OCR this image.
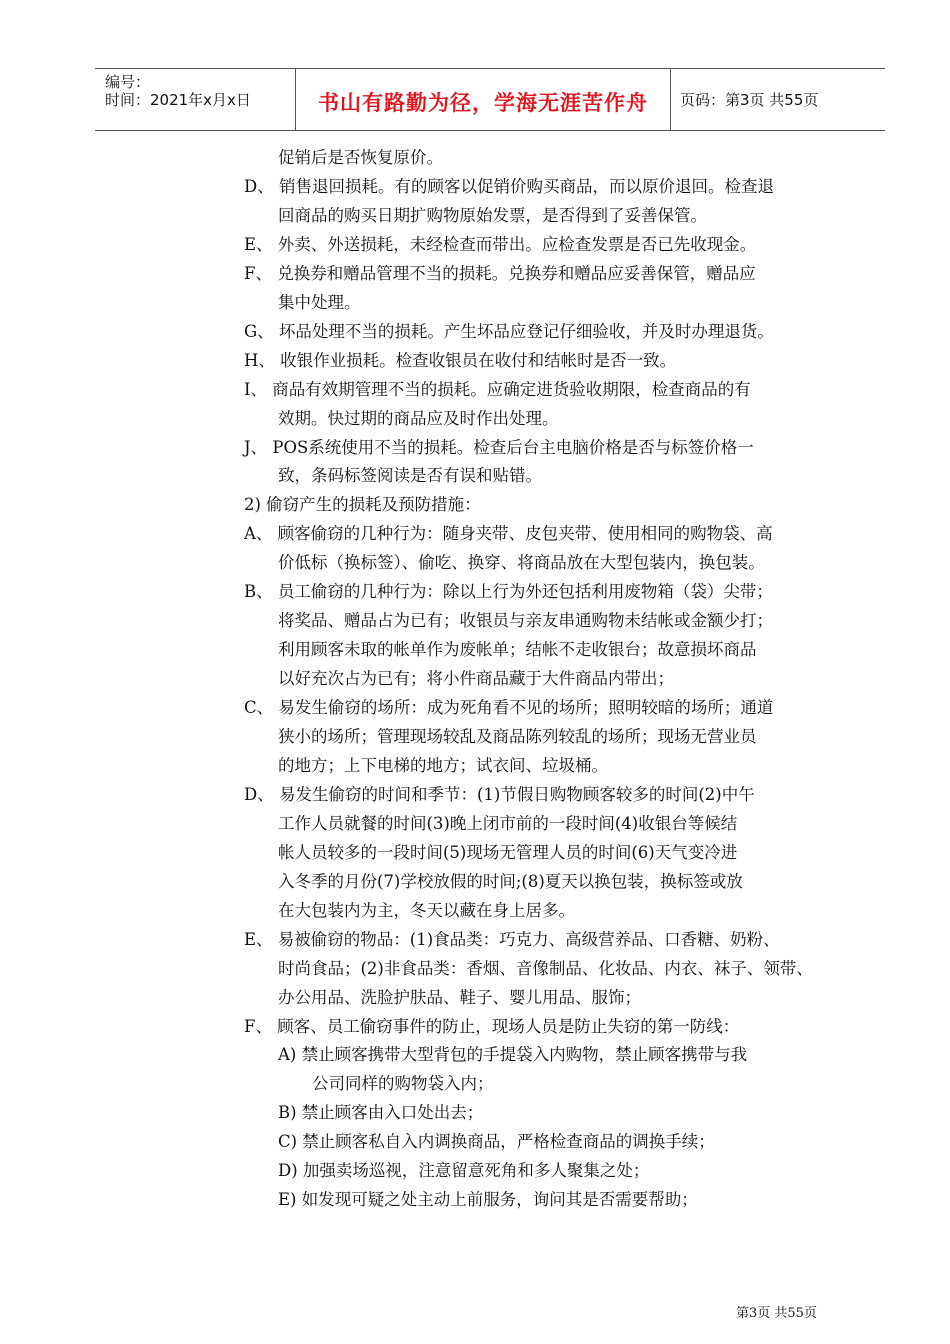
编号：
时间：2021年x月x日	书山有路勤为径，学海无涯苦作舟	页码：第3页 共55页
促销后是否恢复原价。
D、 销售退回损耗。有的顾客以促销价购买商品，而以原价退回。检查退
回商品的购买日期扩购物原始发票，是否得到了妥善保管。
E、 外卖、外送损耗，未经检查而带出。应检查发票是否已先收现金。
F、 兑换券和赠品管理不当的损耗。兑换券和赠品应妥善保管，赠品应
集中处理。
G、 坏品处理不当的损耗。产生坏品应登记仔细验收，并及时办理退货。
H、 收银作业损耗。检查收银员在收付和结帐时是否一致。
I、 商品有效期管理不当的损耗。应确定进货验收期限，检查商品的有
效期。快过期的商品应及时作出处理。
J、 POS系统使用不当的损耗。检查后台主电脑价格是否与标签价格一
致，条码标签阅读是否有误和贴错。
2) 偷窃产生的损耗及预防措施：
A、 顾客偷窃的几种行为：随身夹带、皮包夹带、使用相同的购物袋、高
价低标（换标签）、偷吃、换穿、将商品放在大型包装内，换包装。
B、 员工偷窃的几种行为：除以上行为外还包括利用废物箱（袋）尖带；
将奖品、赠品占为已有；收银员与亲友串通购物未结帐或金额少打；
利用顾客未取的帐单作为废帐单；结帐不走收银台；故意损坏商品
以好充次占为已有；将小件商品藏于大件商品内带出；
C、 易发生偷窃的场所：成为死角看不见的场所；照明较暗的场所；通道
狭小的场所；管理现场较乱及商品陈列较乱的场所；现场无营业员
的地方；上下电梯的地方；试衣间、垃圾桶。
D、 易发生偷窃的时间和季节：(1)节假日购物顾客较多的时间(2)中午
工作人员就餐的时间(3)晚上闭市前的一段时间(4)收银台等候结
帐人员较多的一段时间(5)现场无管理人员的时间(6)天气变冷进
入冬季的月份(7)学校放假的时间;(8)夏天以换包装，换标签或放
在大包装内为主，冬天以藏在身上居多。
E、 易被偷窃的物品：(1)食品类：巧克力、高级营养品、口香糖、奶粉、
时尚食品；(2)非食品类：香烟、音像制品、化妆品、内衣、袜子、领带、
办公用品、洗脸护肤品、鞋子、婴儿用品、服饰；
F、 顾客、员工偷窃事件的防止，现场人员是防止失窃的第一防线：
A) 禁止顾客携带大型背包的手提袋入内购物，禁止顾客携带与我
公司同样的购物袋入内；
B) 禁止顾客由入口处出去；
C) 禁止顾客私自入内调换商品，严格检查商品的调换手续；
D) 加强卖场巡视，注意留意死角和多人聚集之处；
E) 如发现可疑之处主动上前服务，询问其是否需要帮助；
第3页 共55页
